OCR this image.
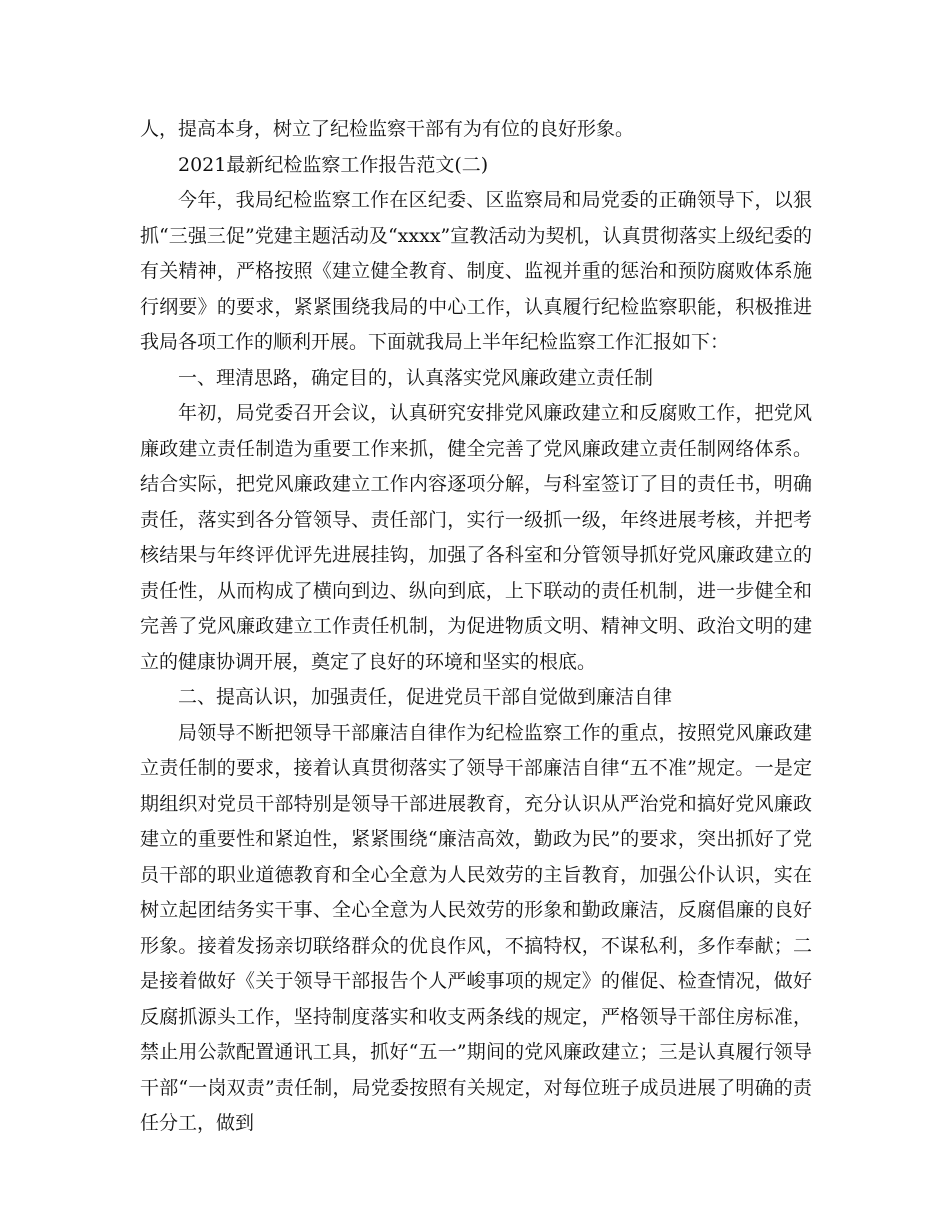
人，提高本身，树立了纪检监察干部有为有位的良好形象。

2021最新纪检监察工作报告范文(二)

今年，我局纪检监察工作在区纪委、区监察局和局党委的正确领导下，以狠抓“三强三促”党建主题活动及“xxxx”宣教活动为契机，认真贯彻落实上级纪委的有关精神，严格按照《建立健全教育、制度、监视并重的惩治和预防腐败体系施行纲要》的要求，紧紧围绕我局的中心工作，认真履行纪检监察职能，积极推进我局各项工作的顺利开展。下面就我局上半年纪检监察工作汇报如下：

一、理清思路，确定目的，认真落实党风廉政建立责任制

年初，局党委召开会议，认真研究安排党风廉政建立和反腐败工作，把党风廉政建立责任制造为重要工作来抓，健全完善了党风廉政建立责任制网络体系。结合实际，把党风廉政建立工作内容逐项分解，与科室签订了目的责任书，明确责任，落实到各分管领导、责任部门，实行一级抓一级，年终进展考核，并把考核结果与年终评优评先进展挂钩，加强了各科室和分管领导抓好党风廉政建立的责任性，从而构成了横向到边、纵向到底，上下联动的责任机制，进一步健全和完善了党风廉政建立工作责任机制，为促进物质文明、精神文明、政治文明的建立的健康协调开展，奠定了良好的环境和坚实的根底。

二、提高认识，加强责任，促进党员干部自觉做到廉洁自律

局领导不断把领导干部廉洁自律作为纪检监察工作的重点，按照党风廉政建立责任制的要求，接着认真贯彻落实了领导干部廉洁自律“五不准”规定。一是定期组织对党员干部特别是领导干部进展教育，充分认识从严治党和搞好党风廉政建立的重要性和紧迫性，紧紧围绕“廉洁高效，勤政为民”的要求，突出抓好了党员干部的职业道德教育和全心全意为人民效劳的主旨教育，加强公仆认识，实在树立起团结务实干事、全心全意为人民效劳的形象和勤政廉洁，反腐倡廉的良好形象。接着发扬亲切联络群众的优良作风，不搞特权，不谋私利，多作奉献；二是接着做好《关于领导干部报告个人严峻事项的规定》的催促、检查情况，做好反腐抓源头工作，坚持制度落实和收支两条线的规定，严格领导干部住房标准，禁止用公款配置通讯工具，抓好“五一”期间的党风廉政建立；三是认真履行领导干部“一岗双责”责任制，局党委按照有关规定，对每位班子成员进展了明确的责任分工，做到
